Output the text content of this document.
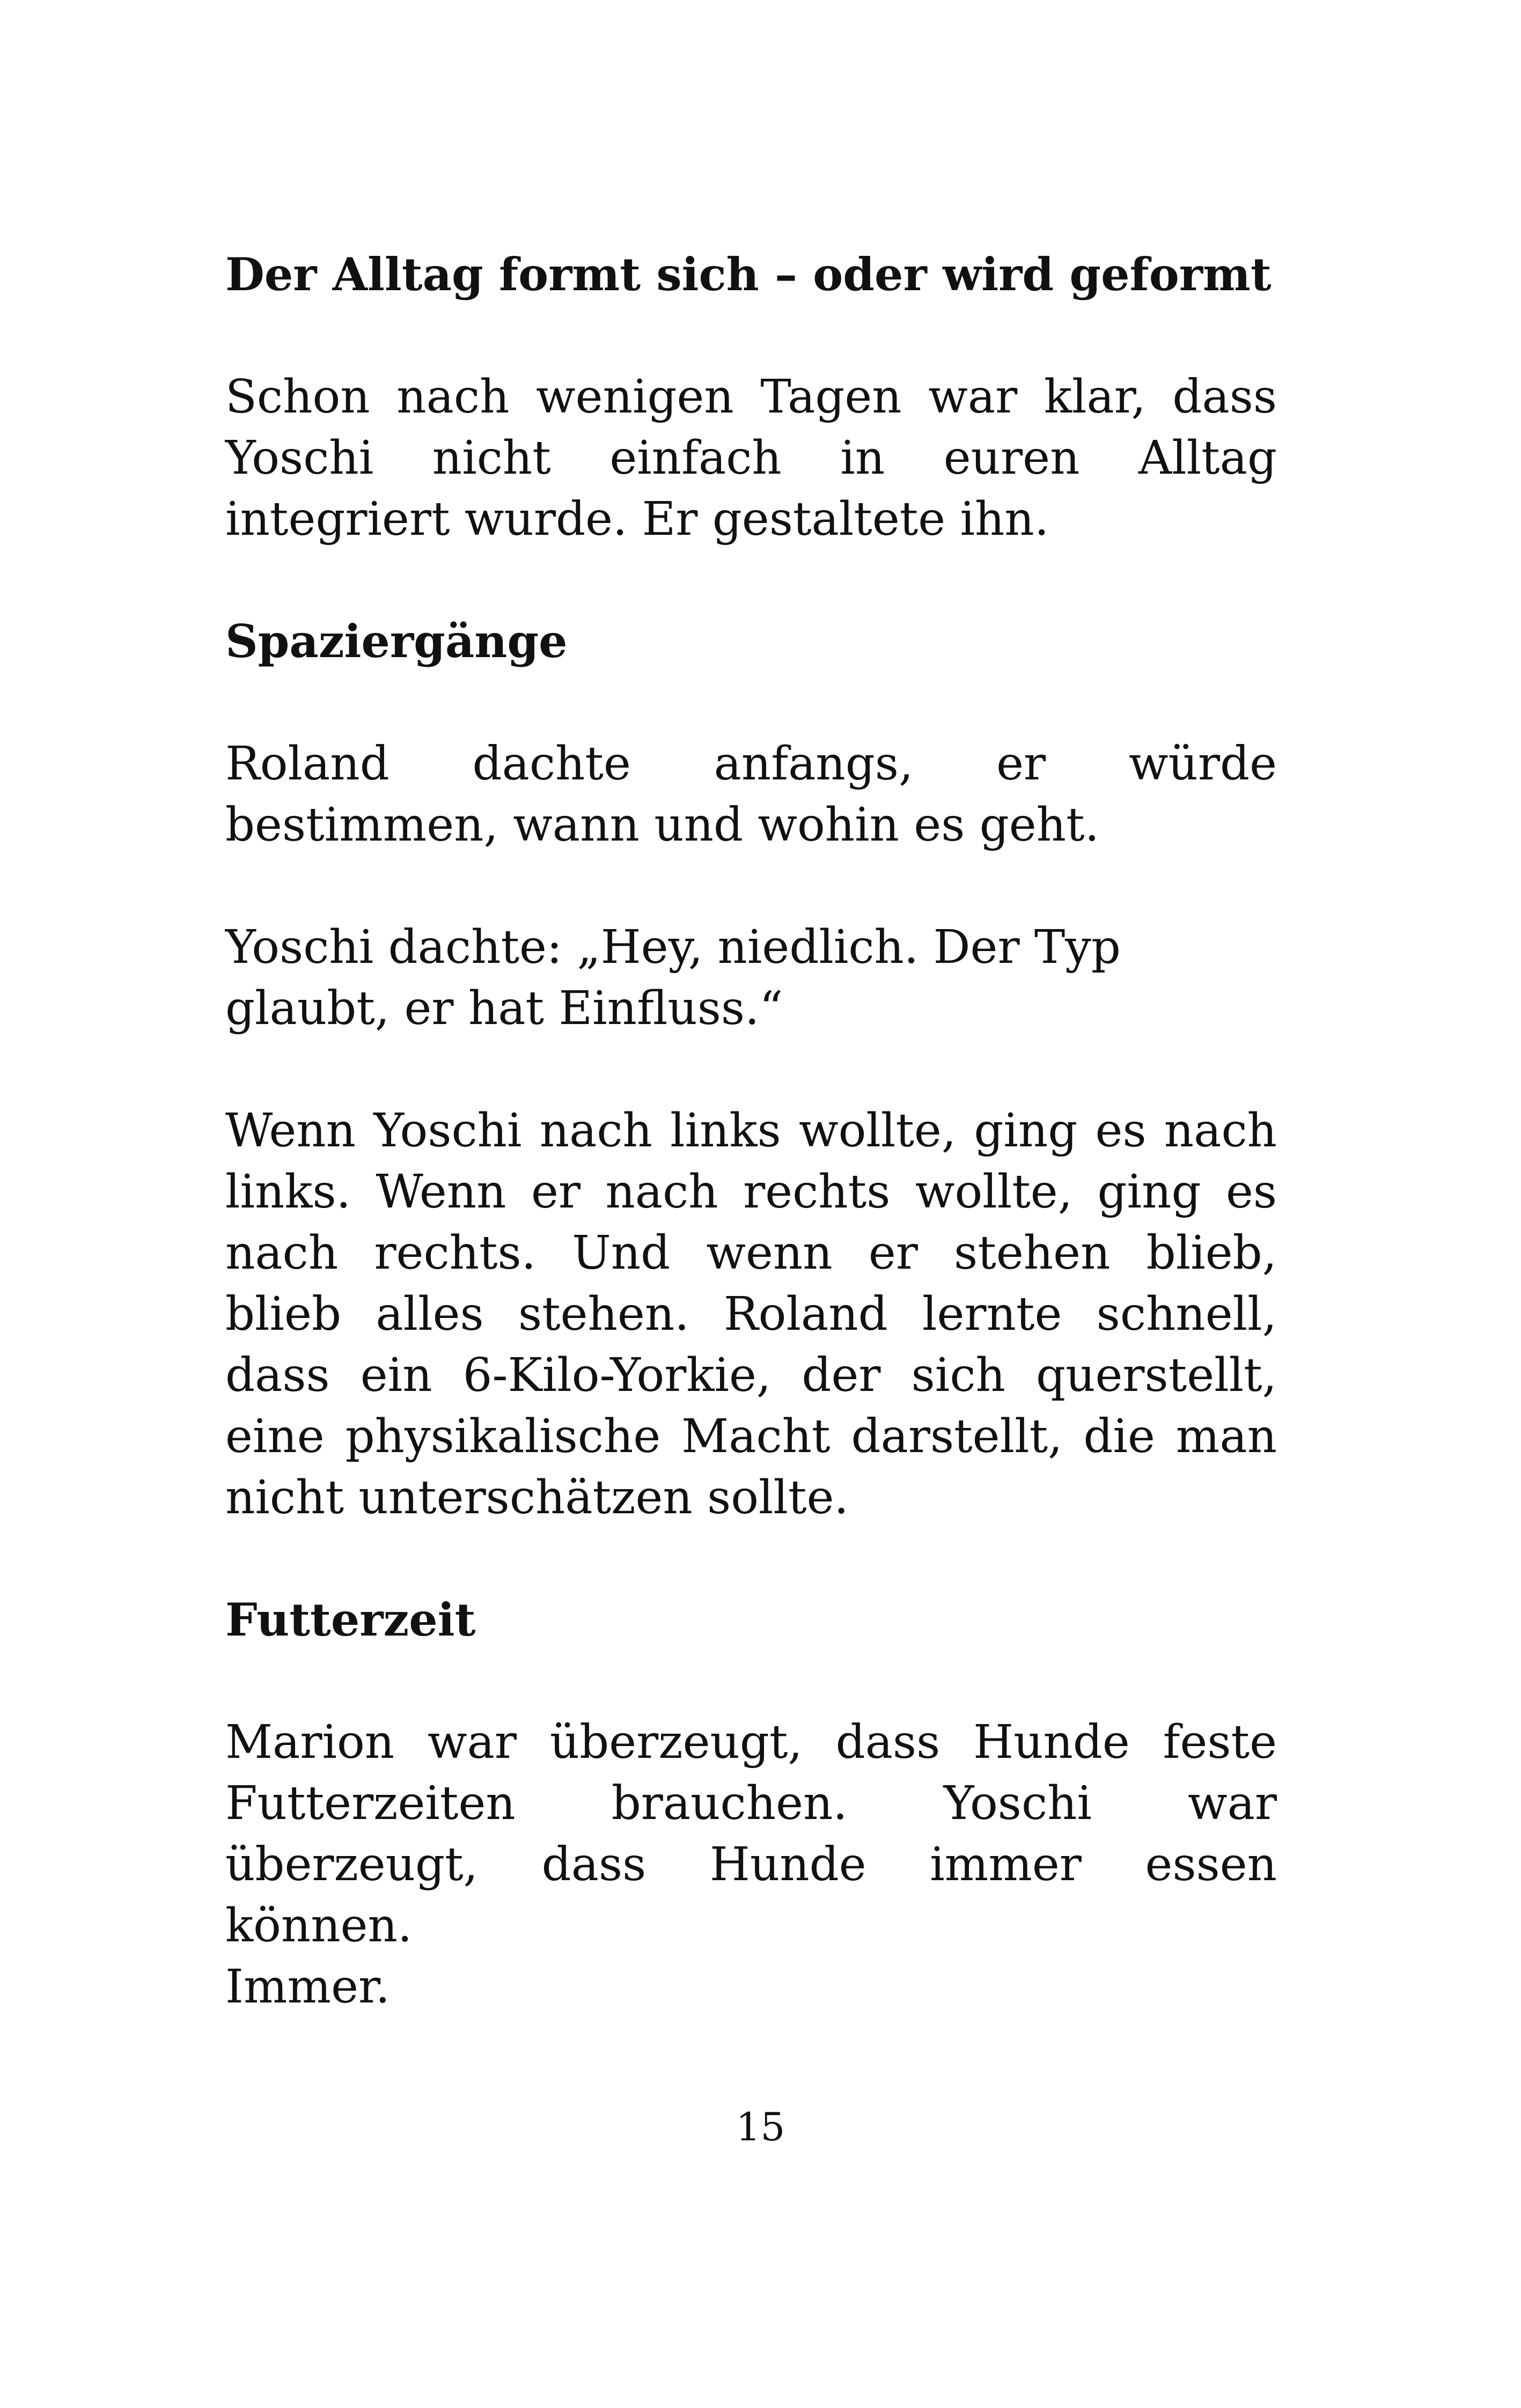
Der Alltag formt sich – oder wird geformt

Schon nach wenigen Tagen war klar, dass Yoschi nicht einfach in euren Alltag integriert wurde. Er gestaltete ihn.

Spaziergänge

Roland dachte anfangs, er würde bestimmen, wann und wohin es geht.

Yoschi dachte: „Hey, niedlich. Der Typ glaubt, er hat Einfluss.“

Wenn Yoschi nach links wollte, ging es nach links. Wenn er nach rechts wollte, ging es nach rechts. Und wenn er stehen blieb, blieb alles stehen. Roland lernte schnell, dass ein 6-Kilo-Yorkie, der sich querstellt, eine physikalische Macht darstellt, die man nicht unterschätzen sollte.

Futterzeit

Marion war überzeugt, dass Hunde feste Futterzeiten brauchen. Yoschi war überzeugt, dass Hunde immer essen können.

Immer.

15
